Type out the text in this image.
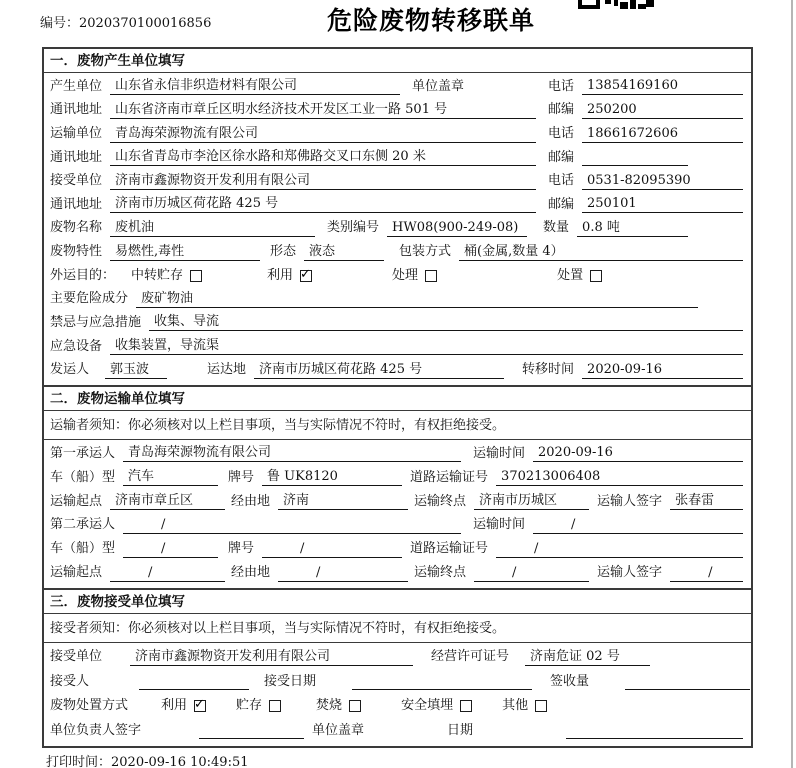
编号：2020370100016856	危险废物转移联单
一．废物产生单位填写
产生单位	山东省永信非织造材料有限公司	单位盖章	电话	13854169160
通讯地址	山东省济南市章丘区明水经济技术开发区工业一路 501 号	邮编	250200
运输单位	青岛海荣源物流有限公司	电话	18661672606
通讯地址	山东省青岛市李沧区徐水路和郑佛路交叉口东侧 20 米	邮编
接受单位	济南市鑫源物资开发利用有限公司	电话	0531-82095390
通讯地址	济南市历城区荷花路 425 号	邮编	250101
废物名称	废机油	类别编号	HW08(900-249-08)	数量	0.8 吨
废物特性	易燃性,毒性	形态	液态	包装方式	桶(金属,数量 4）
外运目的： 中转贮存	利用 ✓	处理	处置
主要危险成分	废矿物油
禁忌与应急措施	收集、导流
应急设备	收集装置，导流渠
发运人	郭玉波	运达地	济南市历城区荷花路 425 号	转移时间	2020-09-16
二．废物运输单位填写
运输者须知：你必须核对以上栏目事项，当与实际情况不符时，有权拒绝接受。
第一承运人	青岛海荣源物流有限公司	运输时间	2020-09-16
车（船）型	汽车	牌号	鲁 UK8120	道路运输证号	370213006408
运输起点	济南市章丘区	经由地	济南	运输终点	济南市历城区	运输人签字	张春雷
第二承运人	/	运输时间	/
车（船）型	/	牌号	/	道路运输证号	/
运输起点	/	经由地	/	运输终点	/	运输人签字	/
三．废物接受单位填写
接受者须知：你必须核对以上栏目事项，当与实际情况不符时，有权拒绝接受。
接受单位	济南市鑫源物资开发利用有限公司	经营许可证号	济南危证 02 号
接受人	接受日期	签收量
废物处置方式	利用 ✓	贮存	焚烧	安全填埋	其他
单位负责人签字	单位盖章	日期
打印时间：2020-09-16 10:49:51
